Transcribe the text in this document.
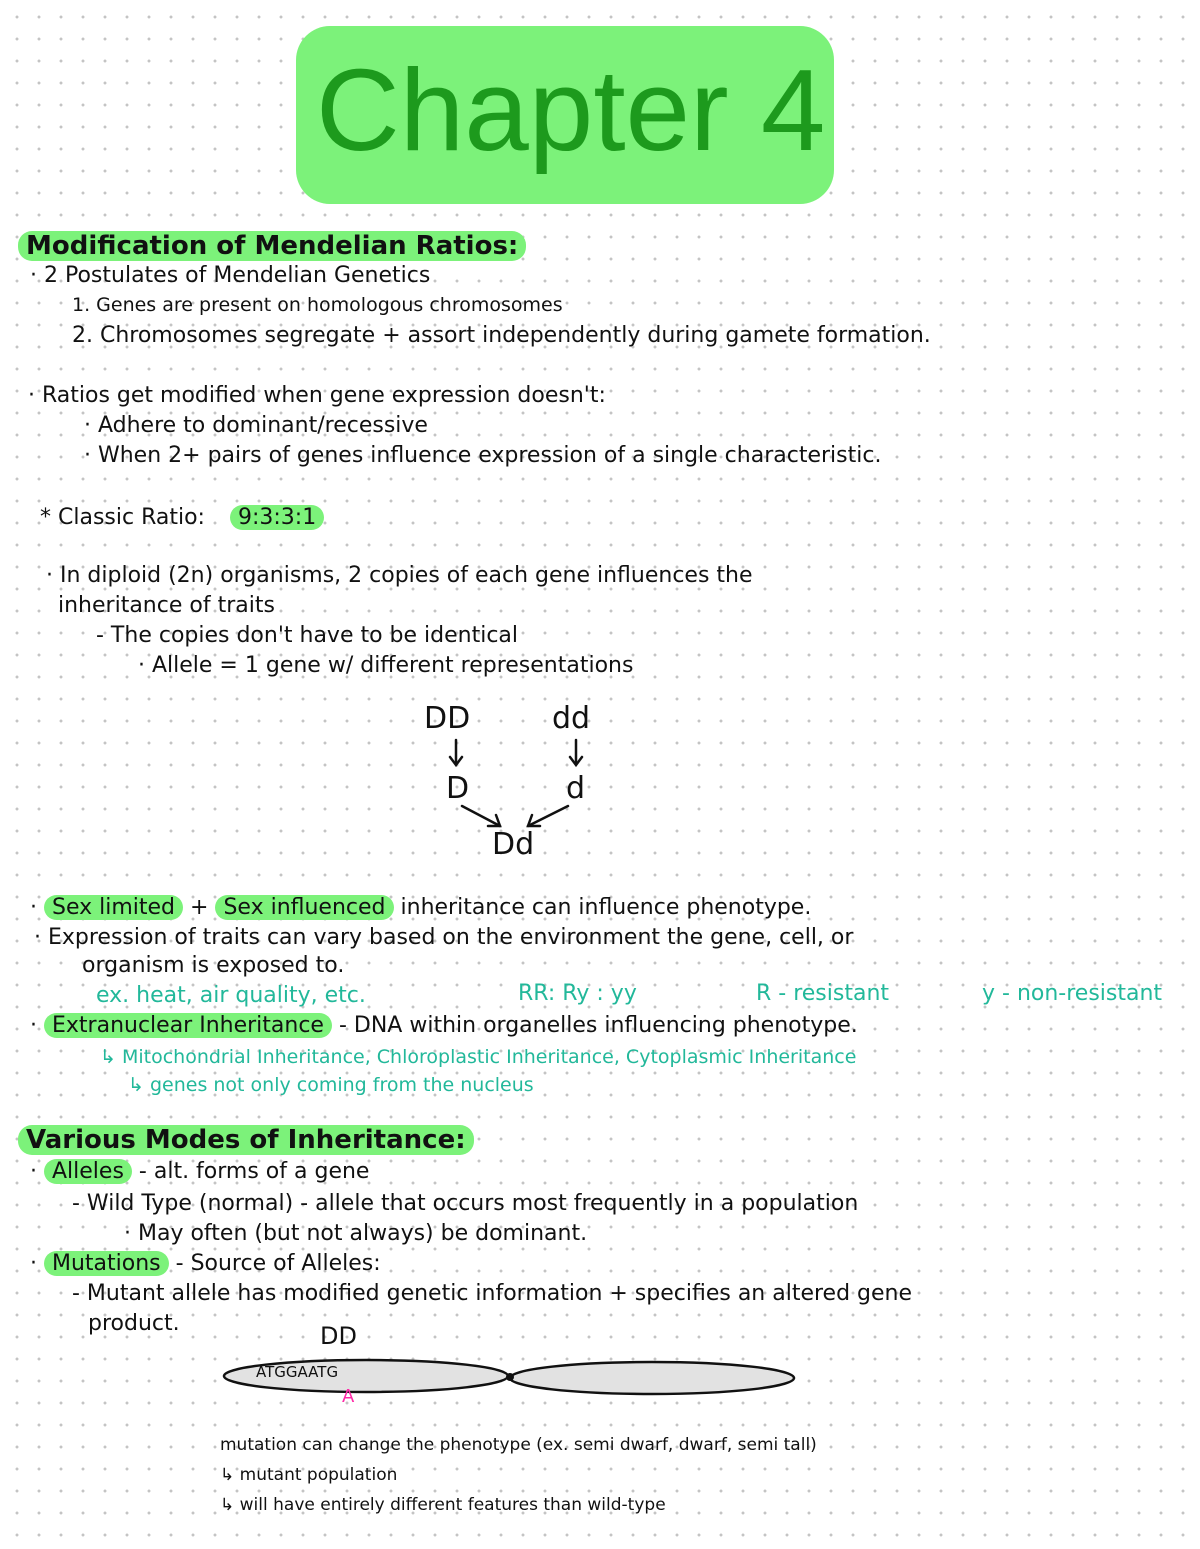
Chapter 4
Modification of Mendelian Ratios:
· 2 Postulates of Mendelian Genetics
1. Genes are present on homologous chromosomes
2. Chromosomes segregate + assort independently during gamete formation.
· Ratios get modified when gene expression doesn't:
· Adhere to dominant/recessive
· When 2+ pairs of genes influence expression of a single characteristic.
* Classic Ratio: 9:3:3:1
· In diploid (2n) organisms, 2 copies of each gene influences the
inheritance of traits
- The copies don't have to be identical
· Allele = 1 gene w/ different representations
DD	dd
D	d
Dd
· Sex limited + Sex influenced inheritance can influence phenotype.
· Expression of traits can vary based on the environment the gene, cell, or
organism is exposed to.
ex. heat, air quality, etc.	RR: Ry : yy	R - resistant	y - non-resistant
· Extranuclear Inheritance - DNA within organelles influencing phenotype.
↳ Mitochondrial Inheritance, Chloroplastic Inheritance, Cytoplasmic Inheritance
↳ genes not only coming from the nucleus
Various Modes of Inheritance:
· Alleles - alt. forms of a gene
- Wild Type (normal) - allele that occurs most frequently in a population
· May often (but not always) be dominant.
· Mutations - Source of Alleles:
- Mutant allele has modified genetic information + specifies an altered gene
product.	DD
ATGGAATG
A
mutation can change the phenotype (ex. semi dwarf, dwarf, semi tall)
↳ mutant population
↳ will have entirely different features than wild-type
